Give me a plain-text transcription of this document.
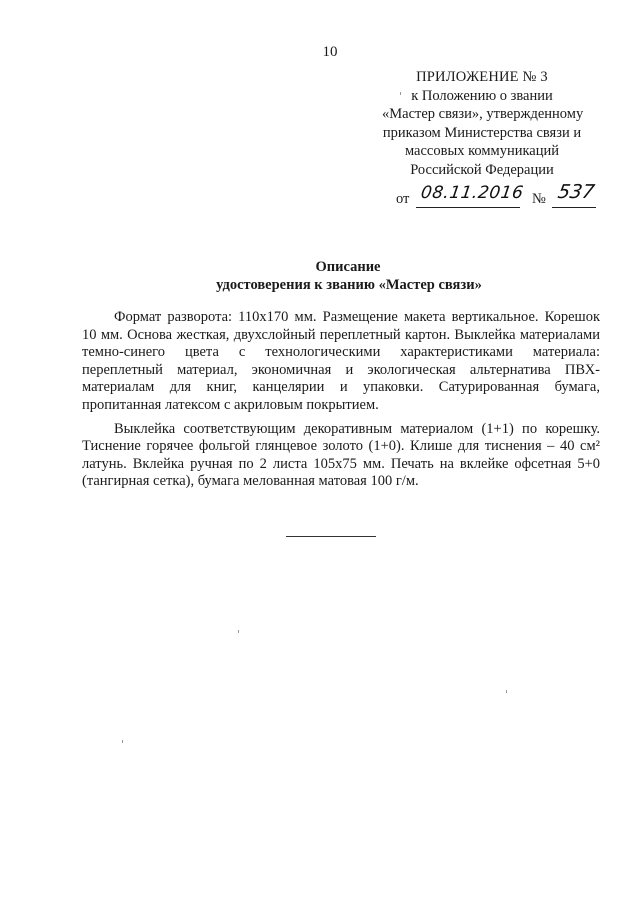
10
ПРИЛОЖЕНИЕ № 3
к Положению о звании
«Мастер связи», утвержденному
приказом Министерства связи и
массовых коммуникаций
Российской Федерации
от 08.11.2016 № 537
Описание
удостоверения к званию «Мастер связи»

Формат разворота: 110х170 мм. Размещение макета вертикальное. Корешок 10 мм. Основа жесткая, двухслойный переплетный картон. Выклейка материалами темно-синего цвета с технологическими характеристиками материала: переплетный материал, экономичная и экологическая альтернатива ПВХ-материалам для книг, канцелярии и упаковки. Сатурированная бумага, пропитанная латексом с акриловым покрытием.

Выклейка соответствующим декоративным материалом (1+1) по корешку. Тиснение горячее фольгой глянцевое золото (1+0). Клише для тиснения – 40 см² латунь. Вклейка ручная по 2 листа 105х75 мм. Печать на вклейке офсетная 5+0 (тангирная сетка), бумага мелованная матовая 100 г/м.
